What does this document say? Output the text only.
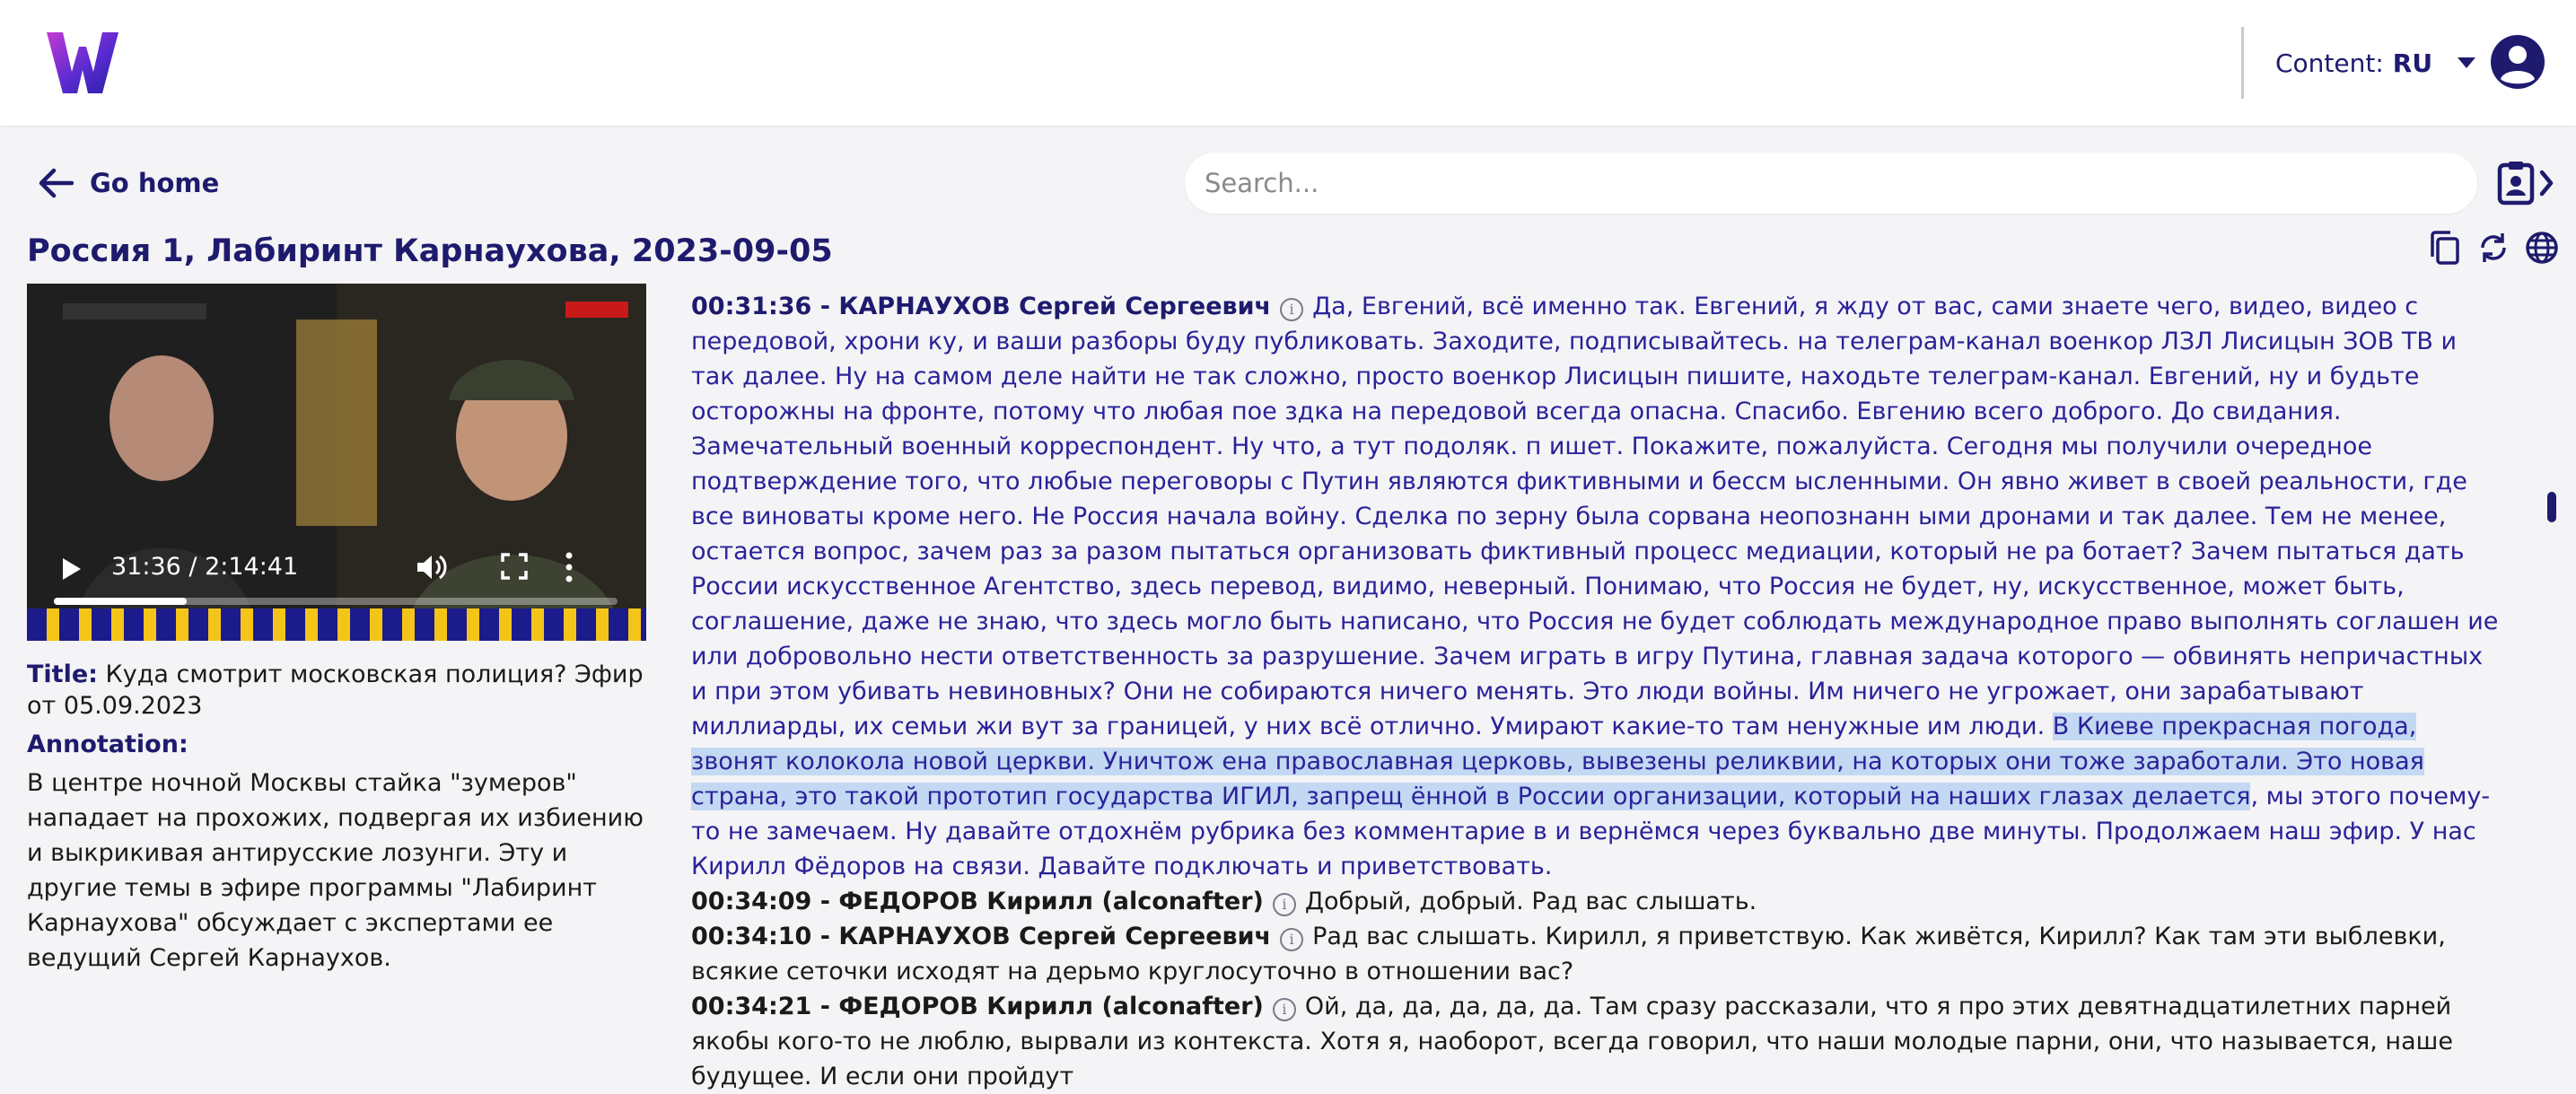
Content: RU
Go home
Search...
Россия 1, Лабиринт Карнаухова, 2023-09-05
31:36 / 2:14:41
Title: Куда смотрит московская полиция? Эфир от 05.09.2023
Annotation:
В центре ночной Москвы стайка "зумеров" нападает на прохожих, подвергая их избиению и выкрикивая антирусские лозунги. Эту и другие темы в эфире программы "Лабиринт Карнаухова" обсуждает с экспертами ее ведущий Сергей Карнаухов.

00:31:36 - КАРНАУХОВ Сергей Сергеевич i Да, Евгений, всё именно так. Евгений, я жду от вас, сами знаете чего, видео, видео с передовой, хрони ку, и ваши разборы буду публиковать. Заходите, подписывайтесь. на телеграм-канал военкор ЛЗЛ Лисицын ЗОВ ТВ и так далее. Ну на самом деле найти не так сложно, просто военкор Лисицын пишите, находьте телеграм-канал. Евгений, ну и будьте осторожны на фронте, потому что любая пое здка на передовой всегда опасна. Спасибо. Евгению всего доброго. До свидания. Замечательный военный корреспондент. Ну что, а тут подоляк. п ишет. Покажите, пожалуйста. Сегодня мы получили очередное подтверждение того, что любые переговоры с Путин являются фиктивными и бессм ысленными. Он явно живет в своей реальности, где все виноваты кроме него. Не Россия начала войну. Сделка по зерну была сорвана неопознанн ыми дронами и так далее. Тем не менее, остается вопрос, зачем раз за разом пытаться организовать фиктивный процесс медиации, который не ра ботает? Зачем пытаться дать России искусственное Агентство, здесь перевод, видимо, неверный. Понимаю, что Россия не будет, ну, искусственное, может быть, соглашение, даже не знаю, что здесь могло быть написано, что Россия не будет соблюдать международное право выполнять соглашен ие или добровольно нести ответственность за разрушение. Зачем играть в игру Путина, главная задача которого — обвинять непричастных и при этом убивать невиновных? Они не собираются ничего менять. Это люди войны. Им ничего не угрожает, они зарабатывают миллиарды, их семьи жи вут за границей, у них всё отлично. Умирают какие-то там ненужные им люди. В Киеве прекрасная погода, звонят колокола новой церкви. Уничтож ена православная церковь, вывезены реликвии, на которых они тоже заработали. Это новая страна, это такой прототип государства ИГИЛ, запрещ ённой в России организации, который на наших глазах делается, мы этого почему-то не замечаем. Ну давайте отдохнём рубрика без комментарие в и вернёмся через буквально две минуты. Продолжаем наш эфир. У нас Кирилл Фёдоров на связи. Давайте подключать и приветствовать.

00:34:09 - ФЕДОРОВ Кирилл (alconafter) i Добрый, добрый. Рад вас слышать.

00:34:10 - КАРНАУХОВ Сергей Сергеевич i Рад вас слышать. Кирилл, я приветствую. Как живётся, Кирилл? Как там эти выблевки, всякие сеточки исходят на дерьмо круглосуточно в отношении вас?

00:34:21 - ФЕДОРОВ Кирилл (alconafter) i Ой, да, да, да, да, да. Там сразу рассказали, что я про этих девятнадцатилетних парней якобы кого-то не люблю, вырвали из контекста. Хотя я, наоборот, всегда говорил, что наши молодые парни, они, что называется, наше будущее. И если они пройдут
